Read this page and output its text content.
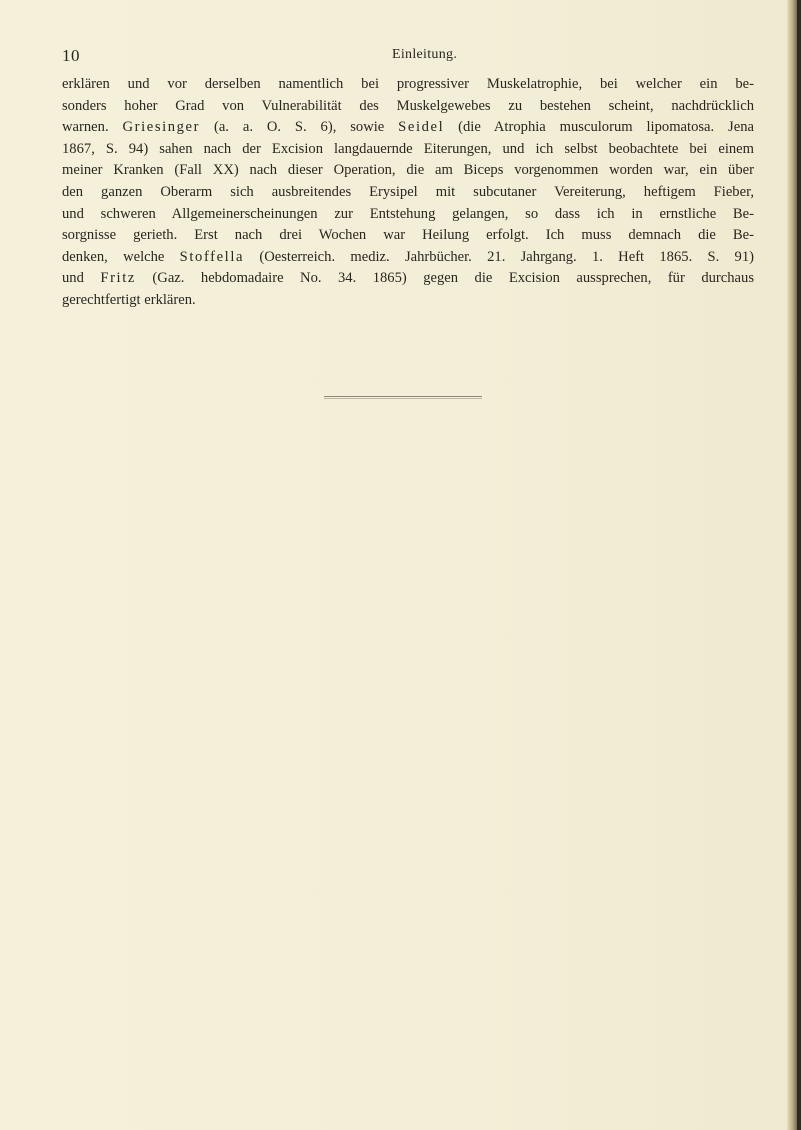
10	Einleitung.
erklären und vor derselben namentlich bei progressiver Muskelatrophie, bei welcher ein be-
sonders hoher Grad von Vulnerabilität des Muskelgewebes zu bestehen scheint, nachdrücklich
warnen. Griesinger (a. a. O. S. 6), sowie Seidel (die Atrophia musculorum lipomatosa. Jena
1867, S. 94) sahen nach der Excision langdauernde Eiterungen, und ich selbst beobachtete bei einem
meiner Kranken (Fall XX) nach dieser Operation, die am Biceps vorgenommen worden war, ein über
den ganzen Oberarm sich ausbreitendes Erysipel mit subcutaner Vereiterung, heftigem Fieber,
und schweren Allgemeinerscheinungen zur Entstehung gelangen, so dass ich in ernstliche Be-
sorgnisse gerieth. Erst nach drei Wochen war Heilung erfolgt. Ich muss demnach die Be-
denken, welche Stoffella (Oesterreich. mediz. Jahrbücher. 21. Jahrgang. 1. Heft 1865. S. 91)
und Fritz (Gaz. hebdomadaire No. 34. 1865) gegen die Excision aussprechen, für durchaus
gerechtfertigt erklären.
